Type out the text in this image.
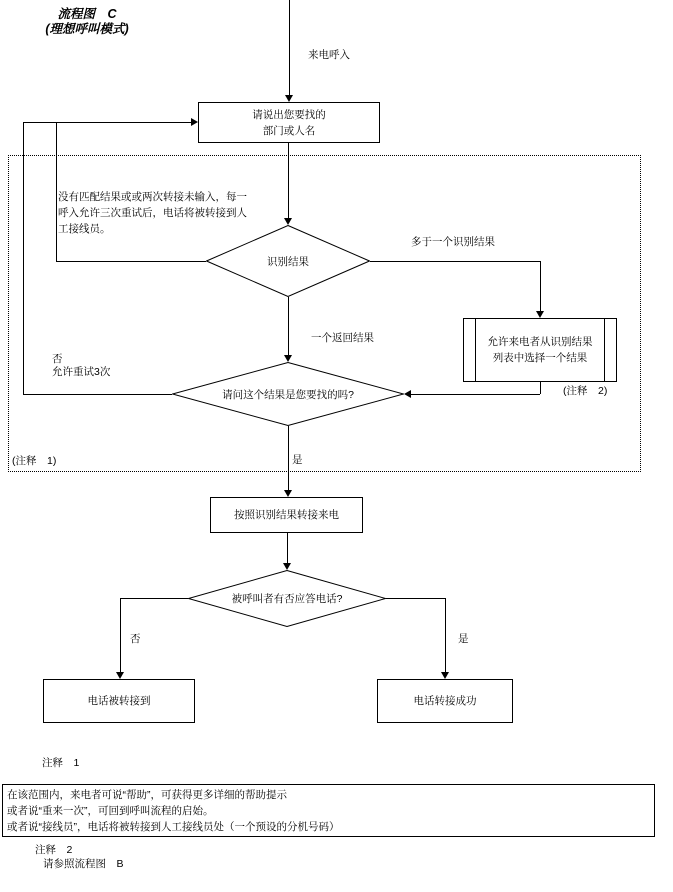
流程图　C
(理想呼叫模式)
来电呼入
请说出您要找的
部门或人名
没有匹配结果或或两次转接未输入，每一
呼入允许三次重试后，电话将被转接到人
工接线员。
识别结果
多于一个识别结果
允许来电者从识别结果
列表中选择一个结果
(注释　2)
一个返回结果
请问这个结果是您要找的吗?
否
允许重试3次
(注释　1)	是
按照识别结果转接来电
被呼叫者有否应答电话?
否	是
电话被转接到	电话转接成功
注释　1
在该范围内，来电者可说“帮助”，可获得更多详细的帮助提示
或者说“重来一次”，可回到呼叫流程的启始。
或者说“接线员”，电话将被转接到人工接线员处（一个预设的分机号码）
注释　2
请参照流程图　B
